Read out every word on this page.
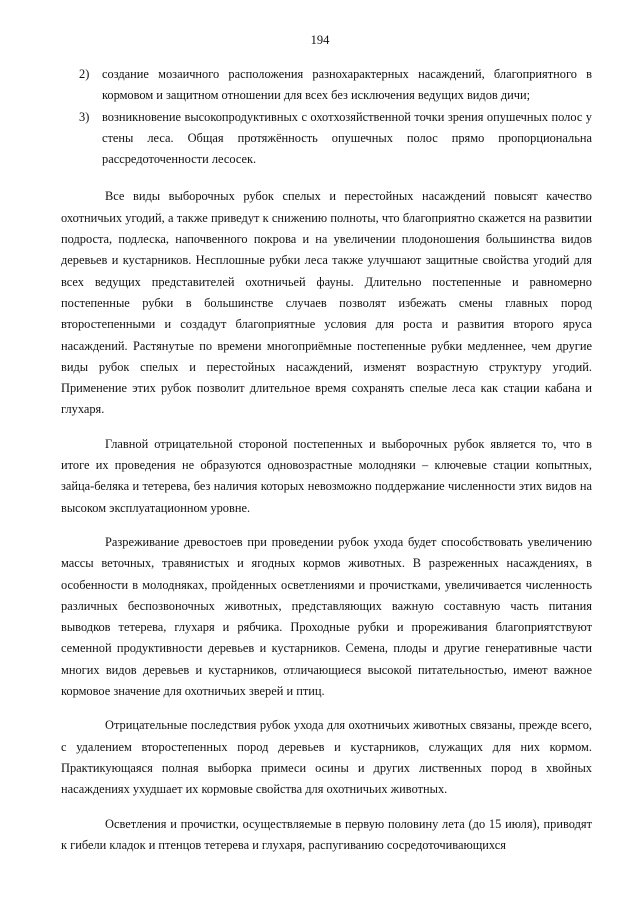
194
2) создание мозаичного расположения разнохарактерных насаждений, благоприятного в кормовом и защитном отношении для всех без исключения ведущих видов дичи;
3) возникновение высокопродуктивных с охотхозяйственной точки зрения опушечных полос у стены леса. Общая протяжённость опушечных полос прямо пропорциональна рассредоточенности лесосек.

Все виды выборочных рубок спелых и перестойных насаждений повысят качество охотничьих угодий, а также приведут к снижению полноты, что благоприятно скажется на развитии подроста, подлеска, напочвенного покрова и на увеличении плодоношения большинства видов деревьев и кустарников. Несплошные рубки леса также улучшают защитные свойства угодий для всех ведущих представителей охотничьей фауны. Длительно постепенные и равномерно постепенные рубки в большинстве случаев позволят избежать смены главных пород второстепенными и создадут благоприятные условия для роста и развития второго яруса насаждений. Растянутые по времени многоприёмные постепенные рубки медленнее, чем другие виды рубок спелых и перестойных насаждений, изменят возрастную структуру угодий. Применение этих рубок позволит длительное время сохранять спелые леса как стации кабана и глухаря.

Главной отрицательной стороной постепенных и выборочных рубок является то, что в итоге их проведения не образуются одновозрастные молодняки – ключевые стации копытных, зайца-беляка и тетерева, без наличия которых невозможно поддержание численности этих видов на высоком эксплуатационном уровне.

Разреживание древостоев при проведении рубок ухода будет способствовать увеличению массы веточных, травянистых и ягодных кормов животных. В разреженных насаждениях, в особенности в молодняках, пройденных осветлениями и прочистками, увеличивается численность различных беспозвоночных животных, представляющих важную составную часть питания выводков тетерева, глухаря и рябчика. Проходные рубки и прореживания благоприятствуют семенной продуктивности деревьев и кустарников. Семена, плоды и другие генеративные части многих видов деревьев и кустарников, отличающиеся высокой питательностью, имеют важное кормовое значение для охотничьих зверей и птиц.

Отрицательные последствия рубок ухода для охотничьих животных связаны, прежде всего, с удалением второстепенных пород деревьев и кустарников, служащих для них кормом. Практикующаяся полная выборка примеси осины и других лиственных пород в хвойных насаждениях ухудшает их кормовые свойства для охотничьих животных.

Осветления и прочистки, осуществляемые в первую половину лета (до 15 июля), приводят к гибели кладок и птенцов тетерева и глухаря, распугиванию сосредоточивающихся
